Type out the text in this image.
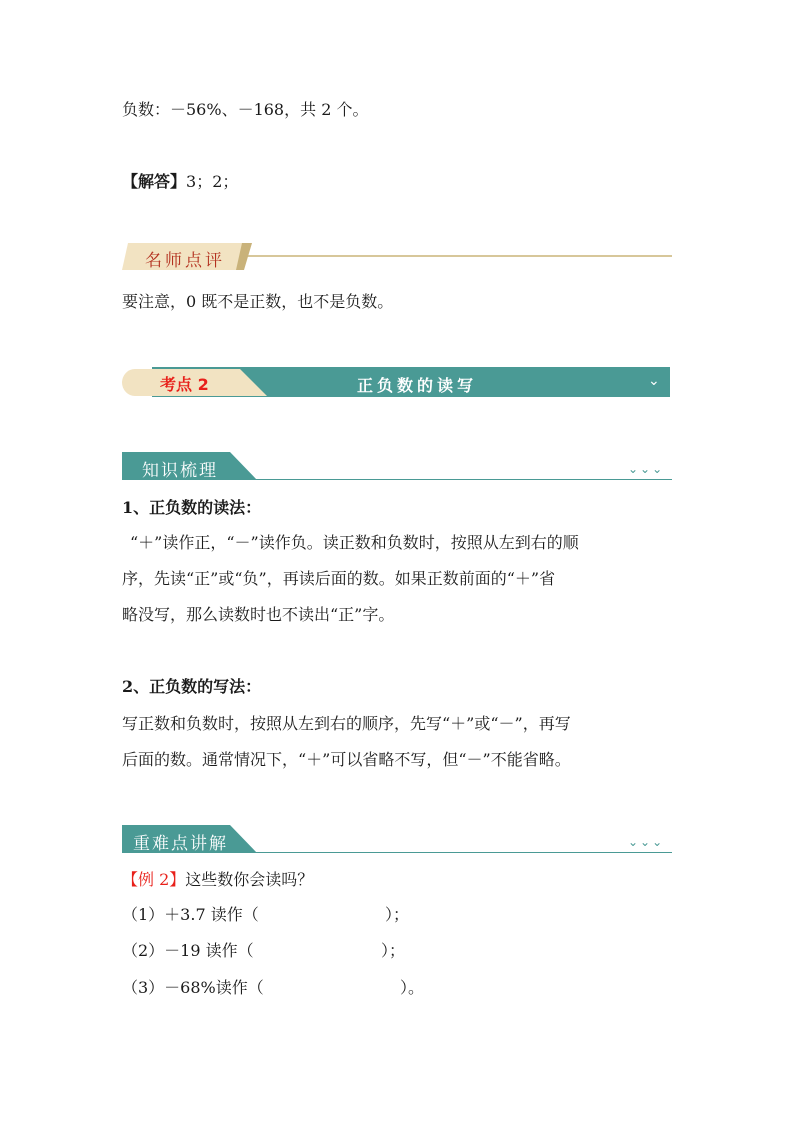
负数：－56%、－168，共 2 个。
【解答】3；2；
名师点评
要注意，0 既不是正数，也不是负数。
考点 2	正负数的读写	⌄
知识梳理	⌄⌄⌄
1、正负数的读法：
“＋”读作正，“－”读作负。读正数和负数时，按照从左到右的顺
序，先读“正”或“负”，再读后面的数。如果正数前面的“＋”省
略没写，那么读数时也不读出“正”字。
2、正负数的写法：
写正数和负数时，按照从左到右的顺序，先写“＋”或“－”，再写
后面的数。通常情况下，“＋”可以省略不写，但“－”不能省略。
重难点讲解	⌄⌄⌄
【例 2】这些数你会读吗？
（1）＋3.7 读作（	）；
（2）－19 读作（	）；
（3）－68%读作（	）。
